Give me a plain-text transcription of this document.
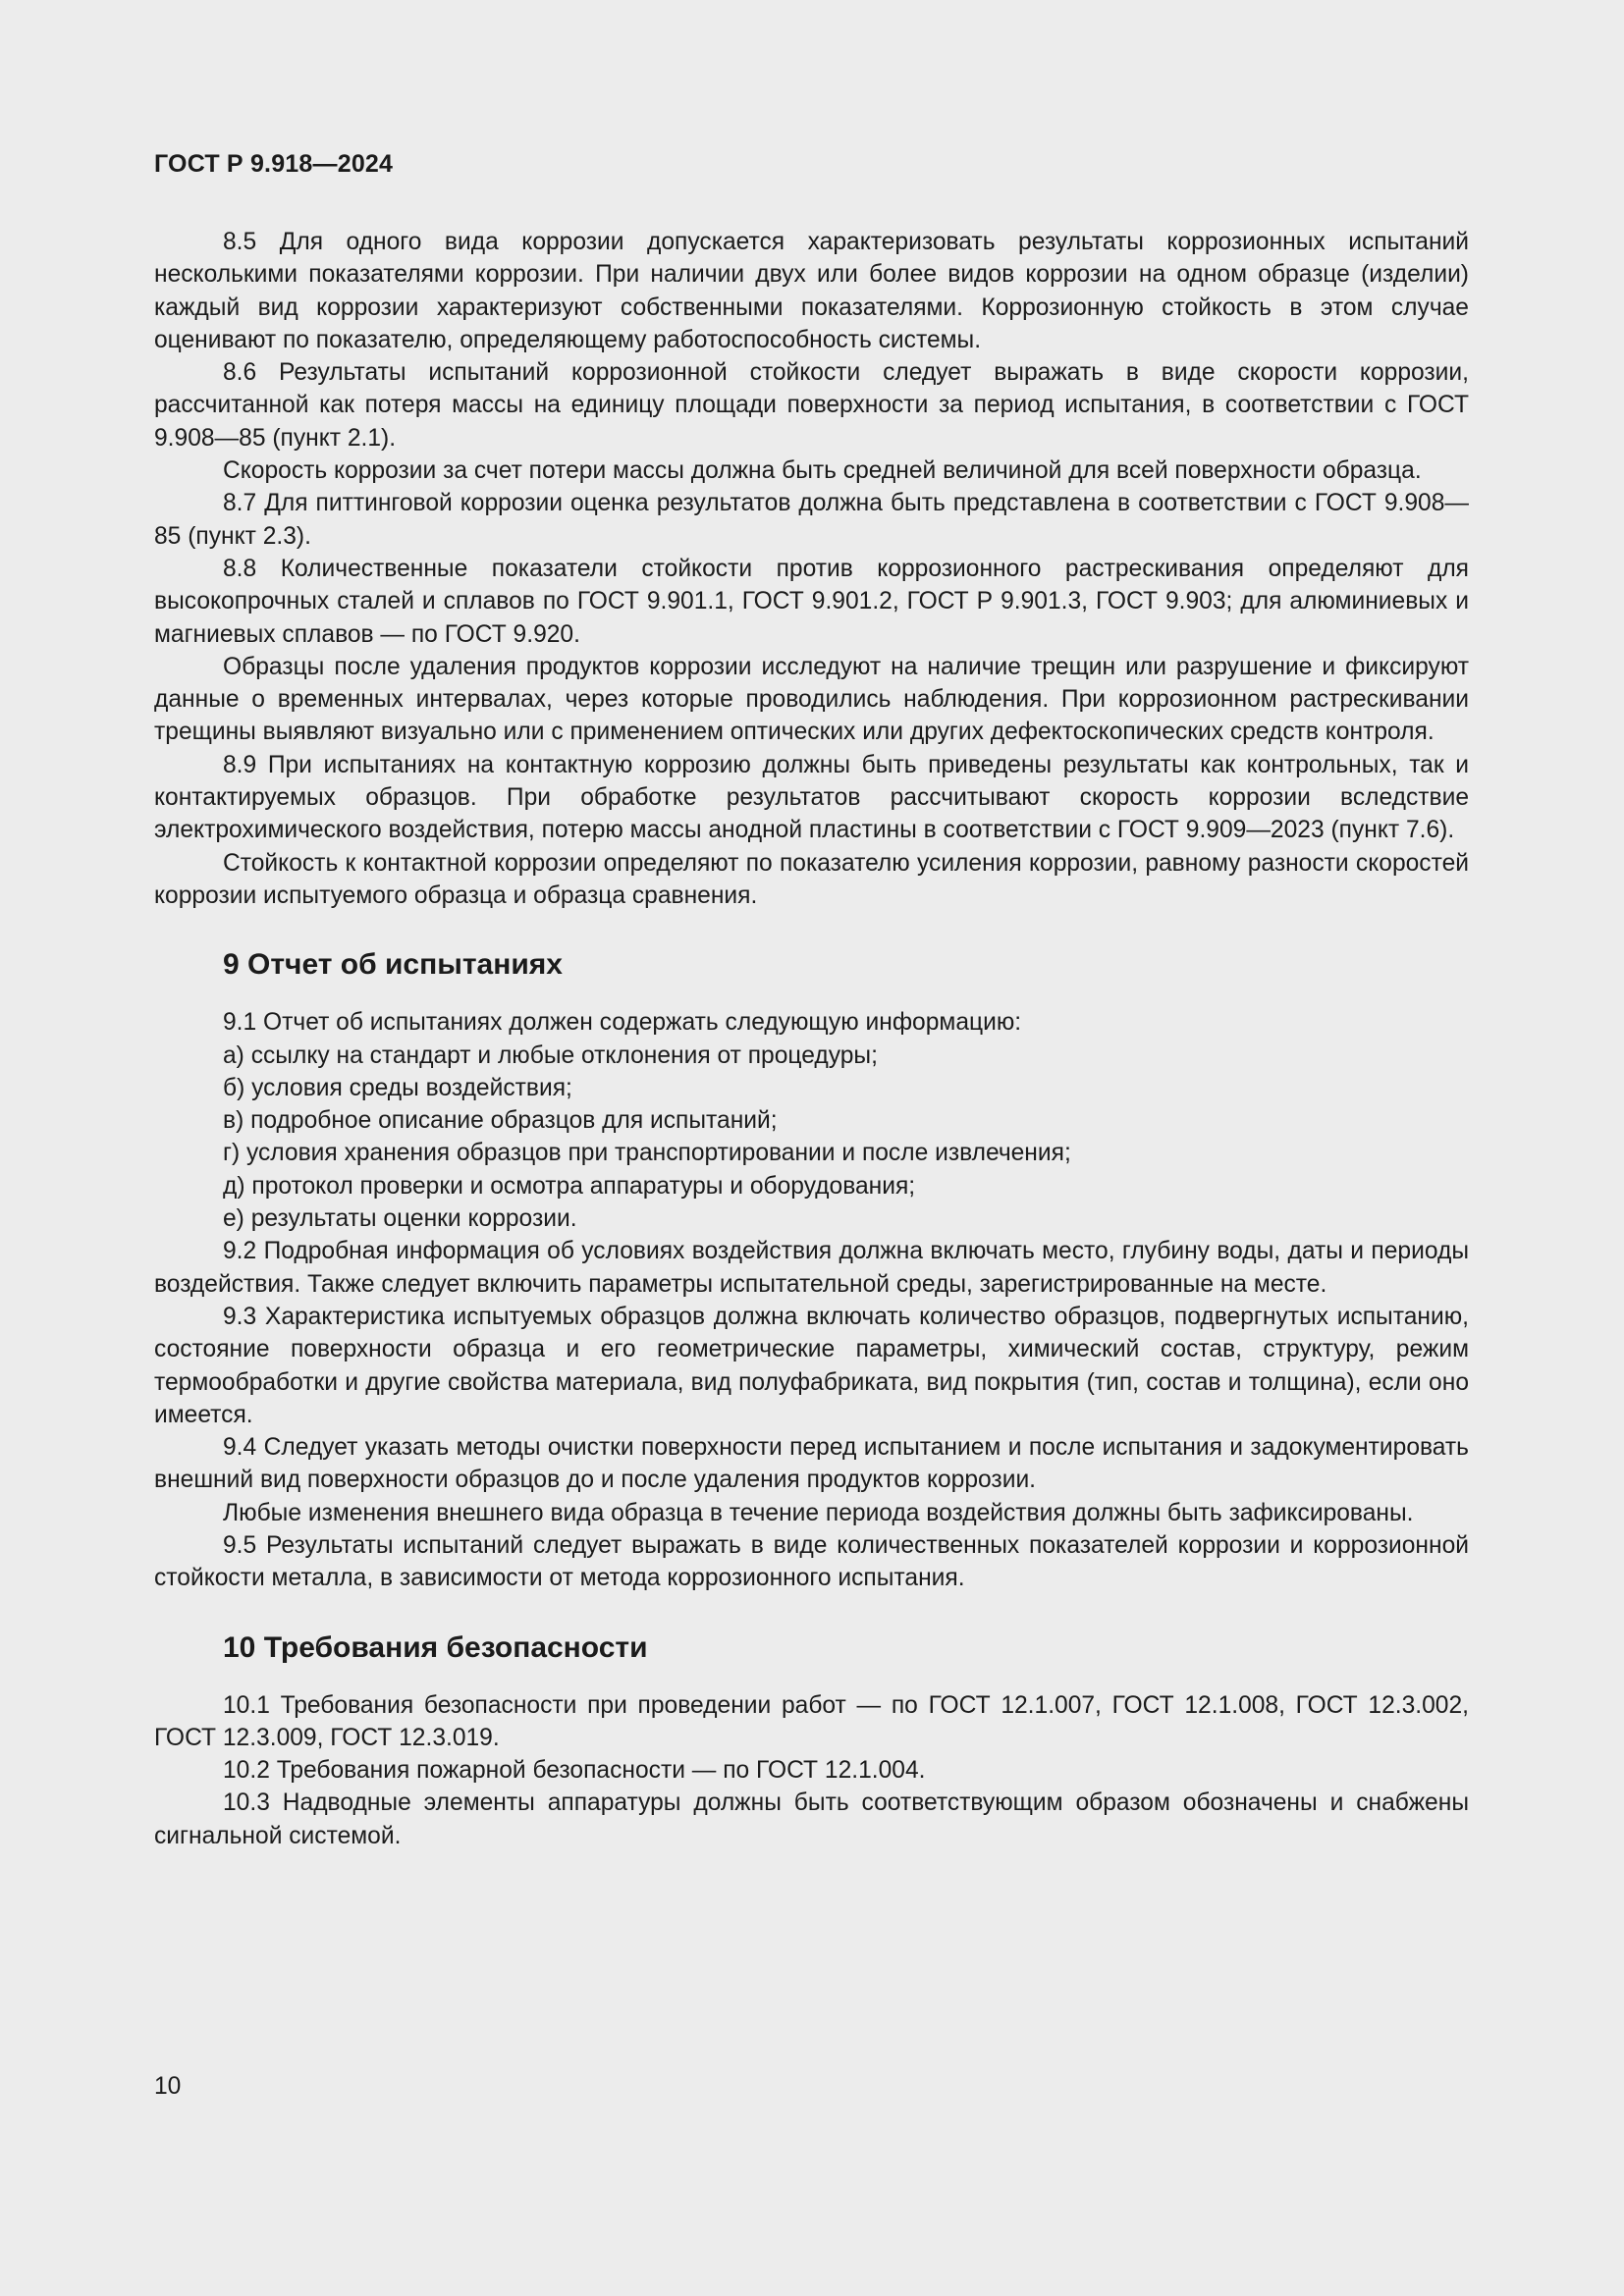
ГОСТ Р 9.918—2024

8.5 Для одного вида коррозии допускается характеризовать результаты коррозионных испытаний несколькими показателями коррозии. При наличии двух или более видов коррозии на одном образце (изделии) каждый вид коррозии характеризуют собственными показателями. Коррозионную стойкость в этом случае оценивают по показателю, определяющему работоспособность системы.

8.6 Результаты испытаний коррозионной стойкости следует выражать в виде скорости коррозии, рассчитанной как потеря массы на единицу площади поверхности за период испытания, в соответствии с ГОСТ 9.908—85 (пункт 2.1).

Скорость коррозии за счет потери массы должна быть средней величиной для всей поверхности образца.

8.7 Для питтинговой коррозии оценка результатов должна быть представлена в соответствии с ГОСТ 9.908—85 (пункт 2.3).

8.8 Количественные показатели стойкости против коррозионного растрескивания определяют для высокопрочных сталей и сплавов по ГОСТ 9.901.1, ГОСТ 9.901.2, ГОСТ Р 9.901.3, ГОСТ 9.903; для алюминиевых и магниевых сплавов — по ГОСТ 9.920.

Образцы после удаления продуктов коррозии исследуют на наличие трещин или разрушение и фиксируют данные о временных интервалах, через которые проводились наблюдения. При коррозионном растрескивании трещины выявляют визуально или с применением оптических или других дефектоскопических средств контроля.

8.9 При испытаниях на контактную коррозию должны быть приведены результаты как контрольных, так и контактируемых образцов. При обработке результатов рассчитывают скорость коррозии вследствие электрохимического воздействия, потерю массы анодной пластины в соответствии с ГОСТ 9.909—2023 (пункт 7.6).

Стойкость к контактной коррозии определяют по показателю усиления коррозии, равному разности скоростей коррозии испытуемого образца и образца сравнения.

9 Отчет об испытаниях

9.1 Отчет об испытаниях должен содержать следующую информацию:

а) ссылку на стандарт и любые отклонения от процедуры;

б) условия среды воздействия;

в) подробное описание образцов для испытаний;

г) условия хранения образцов при транспортировании и после извлечения;

д) протокол проверки и осмотра аппаратуры и оборудования;

е) результаты оценки коррозии.

9.2 Подробная информация об условиях воздействия должна включать место, глубину воды, даты и периоды воздействия. Также следует включить параметры испытательной среды, зарегистрированные на месте.

9.3 Характеристика испытуемых образцов должна включать количество образцов, подвергнутых испытанию, состояние поверхности образца и его геометрические параметры, химический состав, структуру, режим термообработки и другие свойства материала, вид полуфабриката, вид покрытия (тип, состав и толщина), если оно имеется.

9.4 Следует указать методы очистки поверхности перед испытанием и после испытания и задокументировать внешний вид поверхности образцов до и после удаления продуктов коррозии.

Любые изменения внешнего вида образца в течение периода воздействия должны быть зафиксированы.

9.5 Результаты испытаний следует выражать в виде количественных показателей коррозии и коррозионной стойкости металла, в зависимости от метода коррозионного испытания.

10 Требования безопасности

10.1 Требования безопасности при проведении работ — по ГОСТ 12.1.007, ГОСТ 12.1.008, ГОСТ 12.3.002, ГОСТ 12.3.009, ГОСТ 12.3.019.

10.2 Требования пожарной безопасности — по ГОСТ 12.1.004.

10.3 Надводные элементы аппаратуры должны быть соответствующим образом обозначены и снабжены сигнальной системой.

10
